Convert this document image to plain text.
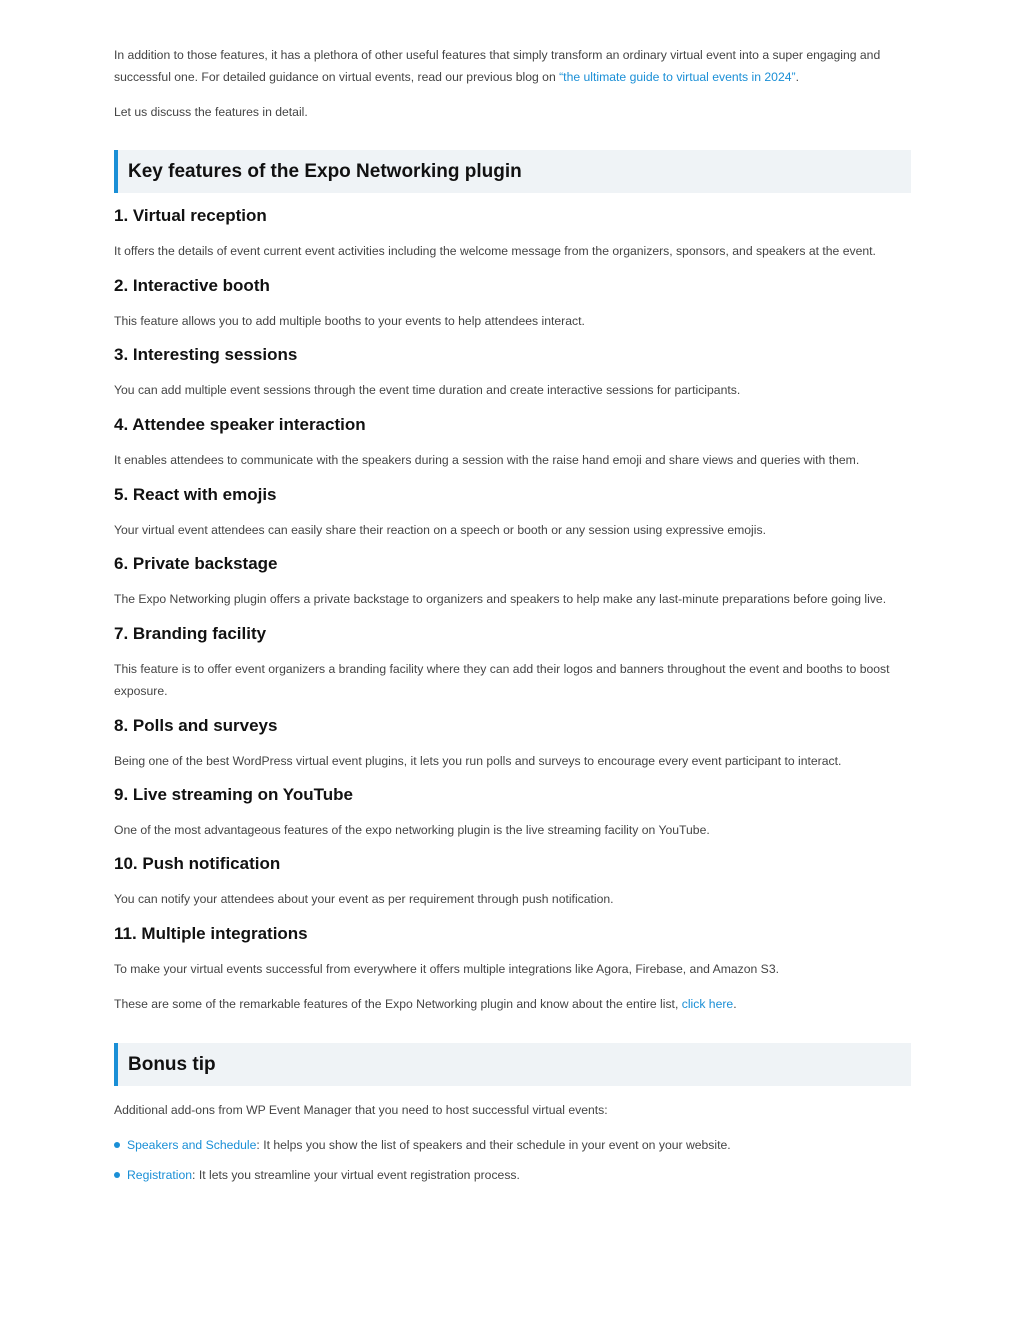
In addition to those features, it has a plethora of other useful features that simply transform an ordinary virtual event into a super engaging and successful one. For detailed guidance on virtual events, read our previous blog on “the ultimate guide to virtual events in 2024”.

Let us discuss the features in detail.

Key features of the Expo Networking plugin
1. Virtual reception

It offers the details of event current event activities including the welcome message from the organizers, sponsors, and speakers at the event.

2. Interactive booth

This feature allows you to add multiple booths to your events to help attendees interact.

3. Interesting sessions

You can add multiple event sessions through the event time duration and create interactive sessions for participants.

4. Attendee speaker interaction

It enables attendees to communicate with the speakers during a session with the raise hand emoji and share views and queries with them.

5. React with emojis

Your virtual event attendees can easily share their reaction on a speech or booth or any session using expressive emojis.

6. Private backstage

The Expo Networking plugin offers a private backstage to organizers and speakers to help make any last-minute preparations before going live.

7. Branding facility

This feature is to offer event organizers a branding facility where they can add their logos and banners throughout the event and booths to boost exposure.

8. Polls and surveys

Being one of the best WordPress virtual event plugins, it lets you run polls and surveys to encourage every event participant to interact.

9. Live streaming on YouTube

One of the most advantageous features of the expo networking plugin is the live streaming facility on YouTube.

10. Push notification

You can notify your attendees about your event as per requirement through push notification.

11. Multiple integrations

To make your virtual events successful from everywhere it offers multiple integrations like Agora, Firebase, and Amazon S3.

These are some of the remarkable features of the Expo Networking plugin and know about the entire list, click here.

Bonus tip

Additional add-ons from WP Event Manager that you need to host successful virtual events:

Speakers and Schedule: It helps you show the list of speakers and their schedule in your event on your website.
Registration: It lets you streamline your virtual event registration process.
